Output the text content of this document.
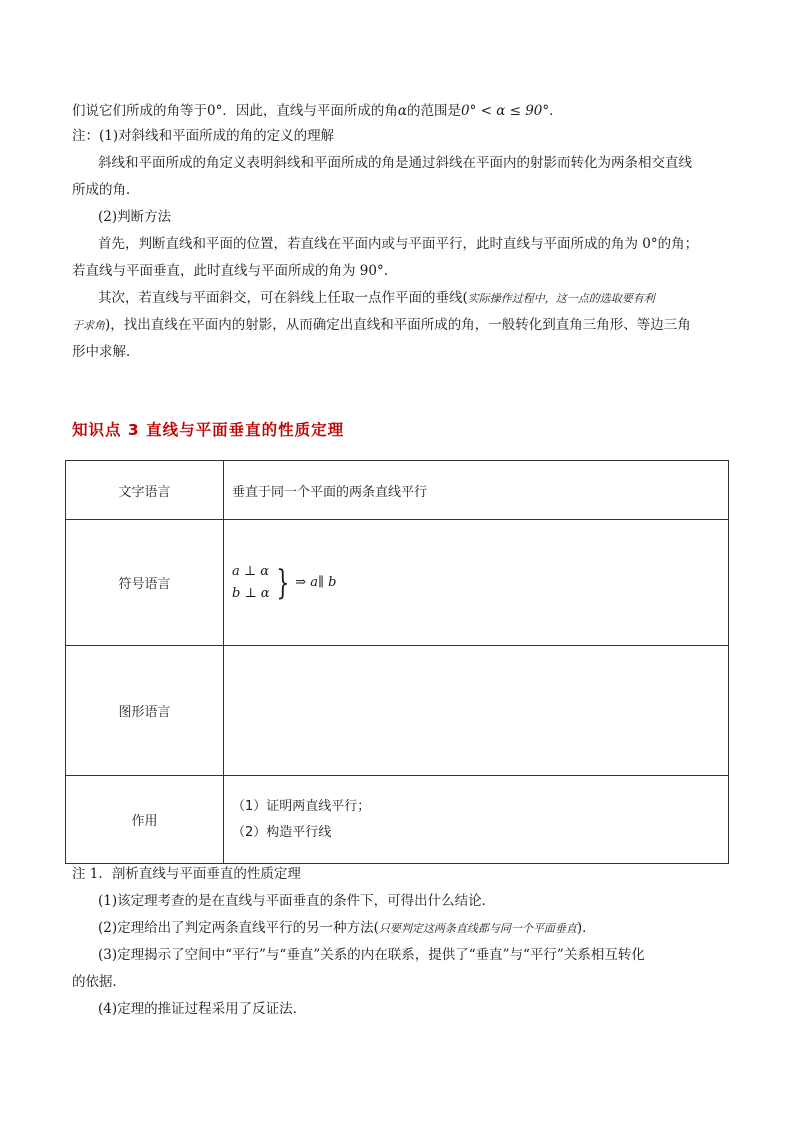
们说它们所成的角等于0°．因此，直线与平面所成的角α的范围是0° < α ≤ 90°．
注：(1)对斜线和平面所成的角的定义的理解
斜线和平面所成的角定义表明斜线和平面所成的角是通过斜线在平面内的射影而转化为两条相交直线
所成的角．
(2)判断方法
首先，判断直线和平面的位置，若直线在平面内或与平面平行，此时直线与平面所成的角为 0°的角；
若直线与平面垂直，此时直线与平面所成的角为 90°.
其次，若直线与平面斜交，可在斜线上任取一点作平面的垂线(实际操作过程中，这一点的选取要有利
于求角)，找出直线在平面内的射影，从而确定出直线和平面所成的角，一般转化到直角三角形、等边三角
形中求解．
知识点 3 直线与平面垂直的性质定理
文字语言	垂直于同一个平面的两条直线平行
符号语言	a ⊥ α
b ⊥ α } ⇒ a∥ b

图形语言	
作用	（1）证明两直线平行；
（2）构造平行线
注 1．剖析直线与平面垂直的性质定理
(1)该定理考查的是在直线与平面垂直的条件下，可得出什么结论．
(2)定理给出了判定两条直线平行的另一种方法(只要判定这两条直线都与同一个平面垂直)．
(3)定理揭示了空间中“平行”与“垂直”关系的内在联系，提供了“垂直”与“平行”关系相互转化
的依据．
(4)定理的推证过程采用了反证法．
